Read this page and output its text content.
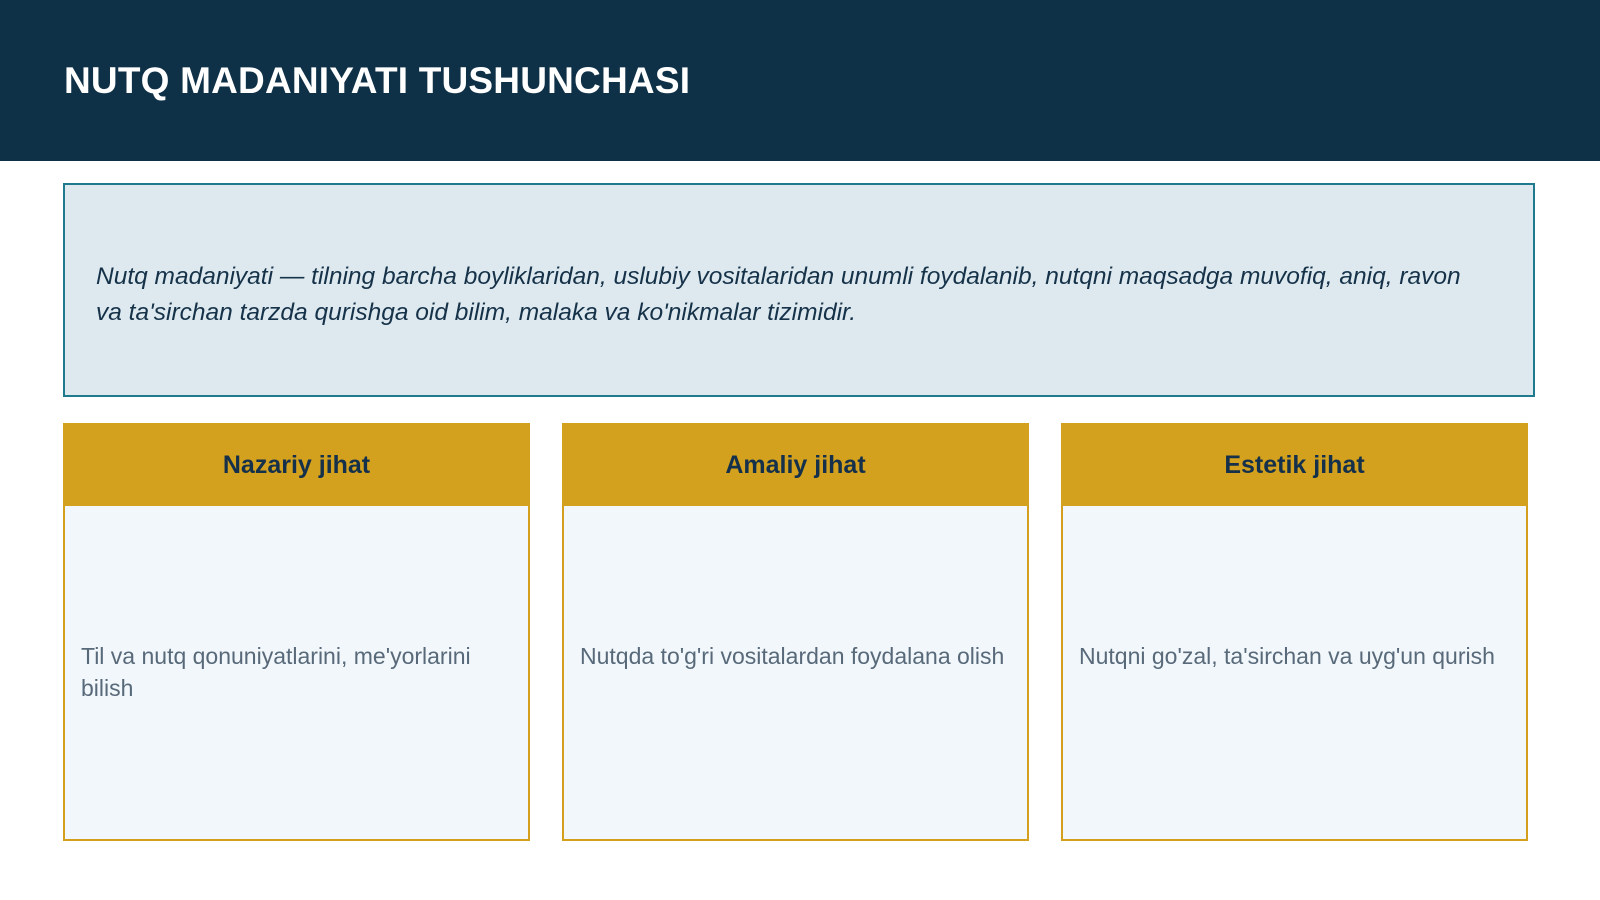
NUTQ MADANIYATI TUSHUNCHASI

Nutq madaniyati — tilning barcha boyliklaridan, uslubiy vositalaridan unumli foydalanib, nutqni maqsadga muvofiq, aniq, ravon va ta'sirchan tarzda qurishga oid bilim, malaka va ko'nikmalar tizimidir.

Nazariy jihat

Til va nutq qonuniyatlarini, me'yorlarini bilish

Amaliy jihat

Nutqda to'g'ri vositalardan foydalana olish

Estetik jihat

Nutqni go'zal, ta'sirchan va uyg'un qurish
